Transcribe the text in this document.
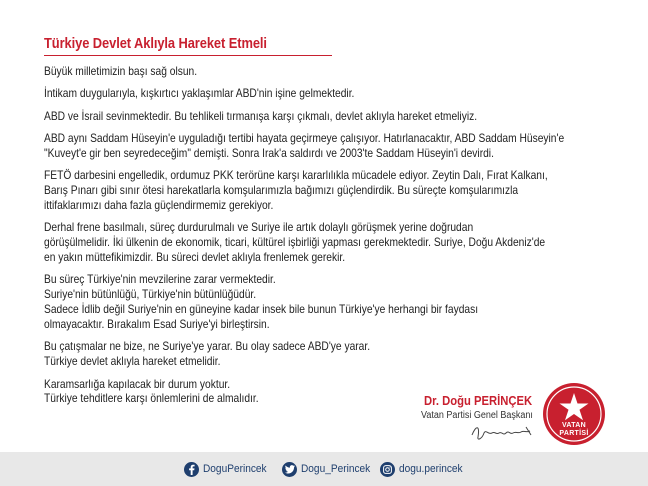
Türkiye Devlet Aklıyla Hareket Etmeli

Büyük milletimizin başı sağ olsun.

İntikam duygularıyla, kışkırtıcı yaklaşımlar ABD'nin işine gelmektedir.

ABD ve İsrail sevinmektedir. Bu tehlikeli tırmanışa karşı çıkmalı, devlet aklıyla hareket etmeliyiz.

ABD aynı Saddam Hüseyin'e uyguladığı tertibi hayata geçirmeye çalışıyor. Hatırlanacaktır, ABD Saddam Hüseyin'e
"Kuveyt'e gir ben seyredeceğim" demişti. Sonra Irak'a saldırdı ve 2003'te Saddam Hüseyin'i devirdi.

FETÖ darbesini engelledik, ordumuz PKK terörüne karşı kararlılıkla mücadele ediyor. Zeytin Dalı, Fırat Kalkanı,
Barış Pınarı gibi sınır ötesi harekatlarla komşularımızla bağımızı güçlendirdik. Bu süreçte komşularımızla
ittifaklarımızı daha fazla güçlendirmemiz gerekiyor.

Derhal frene basılmalı, süreç durdurulmalı ve Suriye ile artık dolaylı görüşmek yerine doğrudan
görüşülmelidir. İki ülkenin de ekonomik, ticari, kültürel işbirliği yapması gerekmektedir. Suriye, Doğu Akdeniz'de
en yakın müttefikimizdir. Bu süreci devlet aklıyla frenlemek gerekir.

Bu süreç Türkiye'nin mevzilerine zarar vermektedir.
Suriye'nin bütünlüğü, Türkiye'nin bütünlüğüdür.
Sadece İdlib değil Suriye'nin en güneyine kadar insek bile bunun Türkiye'ye herhangi bir faydası
olmayacaktır. Bırakalım Esad Suriye'yi birleştirsin.

Bu çatışmalar ne bize, ne Suriye'ye yarar. Bu olay sadece ABD'ye yarar.
Türkiye devlet aklıyla hareket etmelidir.

Karamsarlığa kapılacak bir durum yoktur.
Türkiye tehditlere karşı önlemlerini de almalıdır.	Dr. Doğu PERİNÇEK
Vatan Partisi Genel Başkanı
VATAN
PARTİSİ
DoguPerincek	Dogu_Perincek	dogu.perincek
